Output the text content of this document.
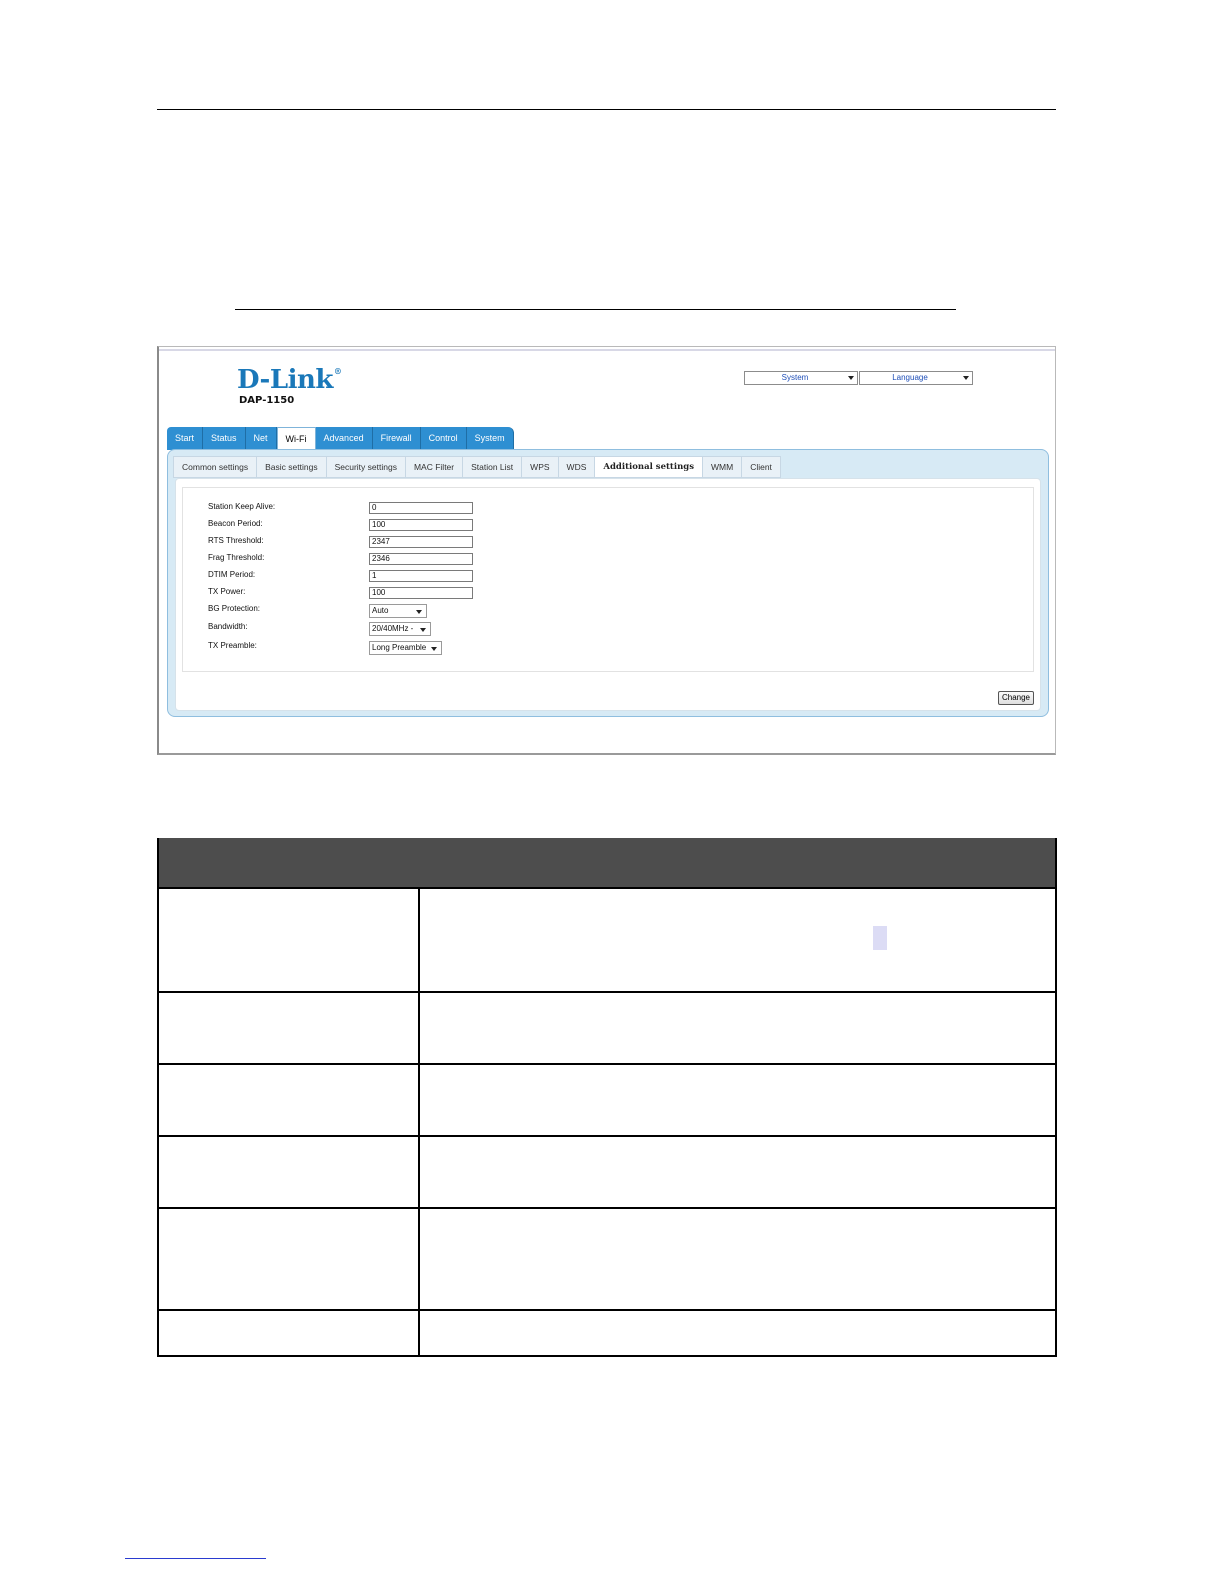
D-Link®
DAP-1150
System	Language
Start	Status	Net	Wi-Fi	Advanced	Firewall	Control	System
Common settings	Basic settings	Security settings	MAC Filter	Station List	WPS	WDS	Additional settings	WMM	Client
Station Keep Alive:	0
Beacon Period:	100
RTS Threshold:	2347
Frag Threshold:	2346
DTIM Period:	1
TX Power:	100
BG Protection:	Auto
Bandwidth:	20/40MHz -
TX Preamble:	Long Preamble
Change
